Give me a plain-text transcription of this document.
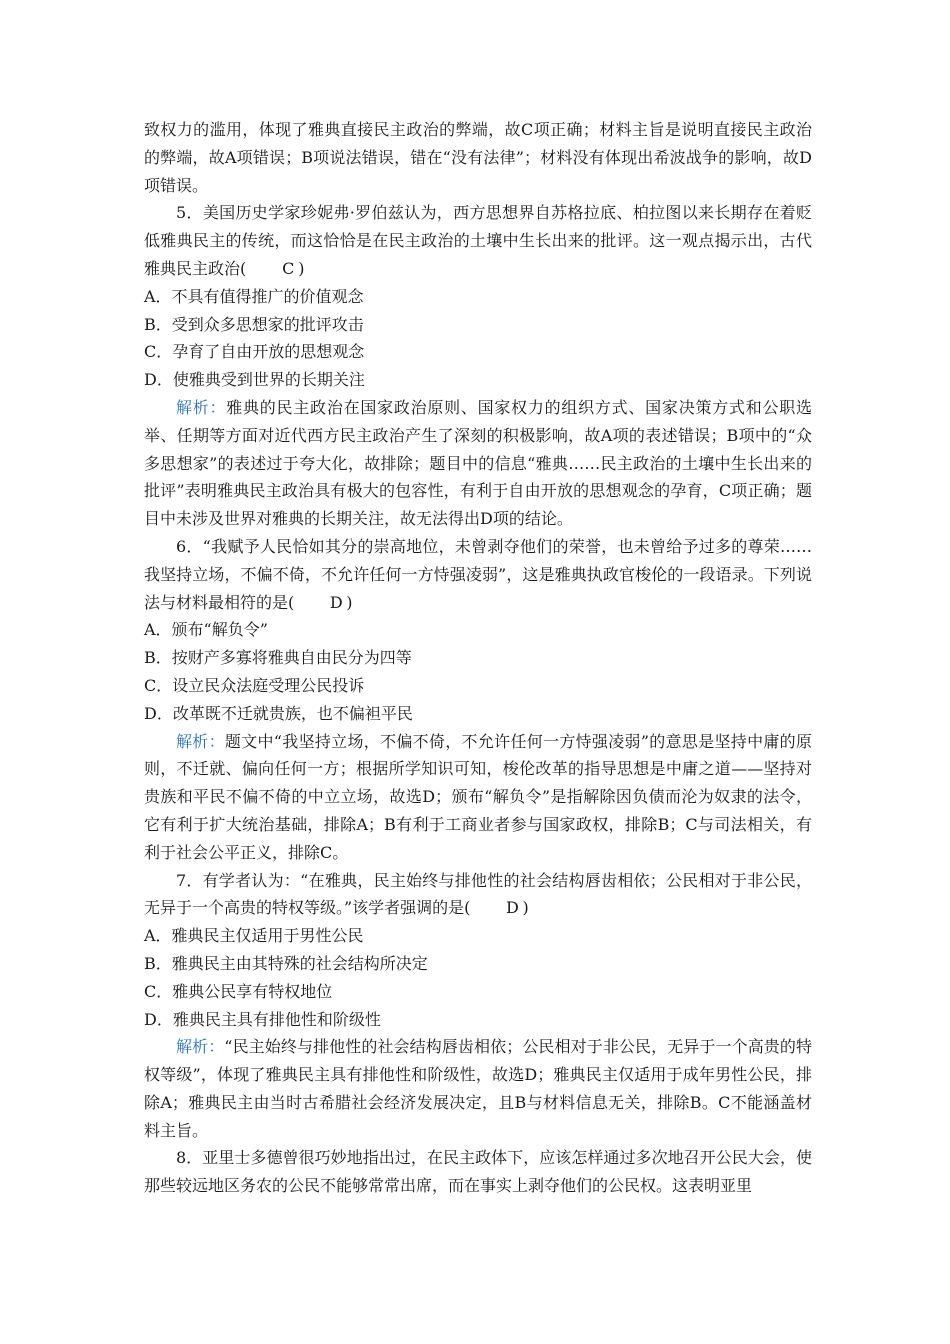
致权力的滥用，体现了雅典直接民主政治的弊端，故C项正确；材料主旨是说明直接民主政治的弊端，故A项错误；B项说法错误，错在“没有法律”；材料没有体现出希波战争的影响，故D项错误。

5．美国历史学家珍妮弗·罗伯兹认为，西方思想界自苏格拉底、柏拉图以来长期存在着贬低雅典民主的传统，而这恰恰是在民主政治的土壤中生长出来的批评。这一观点揭示出，古代雅典民主政治( C )

A．不具有值得推广的价值观念

B．受到众多思想家的批评攻击

C．孕育了自由开放的思想观念

D．使雅典受到世界的长期关注

解析：雅典的民主政治在国家政治原则、国家权力的组织方式、国家决策方式和公职选举、任期等方面对近代西方民主政治产生了深刻的积极影响，故A项的表述错误；B项中的“众多思想家”的表述过于夸大化，故排除；题目中的信息“雅典……民主政治的土壤中生长出来的批评”表明雅典民主政治具有极大的包容性，有利于自由开放的思想观念的孕育，C项正确；题目中未涉及世界对雅典的长期关注，故无法得出D项的结论。

6．“我赋予人民恰如其分的崇高地位，未曾剥夺他们的荣誉，也未曾给予过多的尊荣……我坚持立场，不偏不倚，不允许任何一方恃强凌弱”，这是雅典执政官梭伦的一段语录。下列说法与材料最相符的是( D )

A．颁布“解负令”

B．按财产多寡将雅典自由民分为四等

C．设立民众法庭受理公民投诉

D．改革既不迁就贵族，也不偏袒平民

解析：题文中“我坚持立场，不偏不倚，不允许任何一方恃强凌弱”的意思是坚持中庸的原则，不迁就、偏向任何一方；根据所学知识可知，梭伦改革的指导思想是中庸之道——坚持对贵族和平民不偏不倚的中立立场，故选D；颁布“解负令”是指解除因负债而沦为奴隶的法令，它有利于扩大统治基础，排除A；B有利于工商业者参与国家政权，排除B；C与司法相关，有利于社会公平正义，排除C。

7．有学者认为：“在雅典，民主始终与排他性的社会结构唇齿相依；公民相对于非公民，无异于一个高贵的特权等级。”该学者强调的是( D )

A．雅典民主仅适用于男性公民

B．雅典民主由其特殊的社会结构所决定

C．雅典公民享有特权地位

D．雅典民主具有排他性和阶级性

解析：“民主始终与排他性的社会结构唇齿相依；公民相对于非公民，无异于一个高贵的特权等级”，体现了雅典民主具有排他性和阶级性，故选D；雅典民主仅适用于成年男性公民，排除A；雅典民主由当时古希腊社会经济发展决定，且B与材料信息无关，排除B。C不能涵盖材料主旨。

8．亚里士多德曾很巧妙地指出过，在民主政体下，应该怎样通过多次地召开公民大会，使那些较远地区务农的公民不能够常常出席，而在事实上剥夺他们的公民权。这表明亚里
